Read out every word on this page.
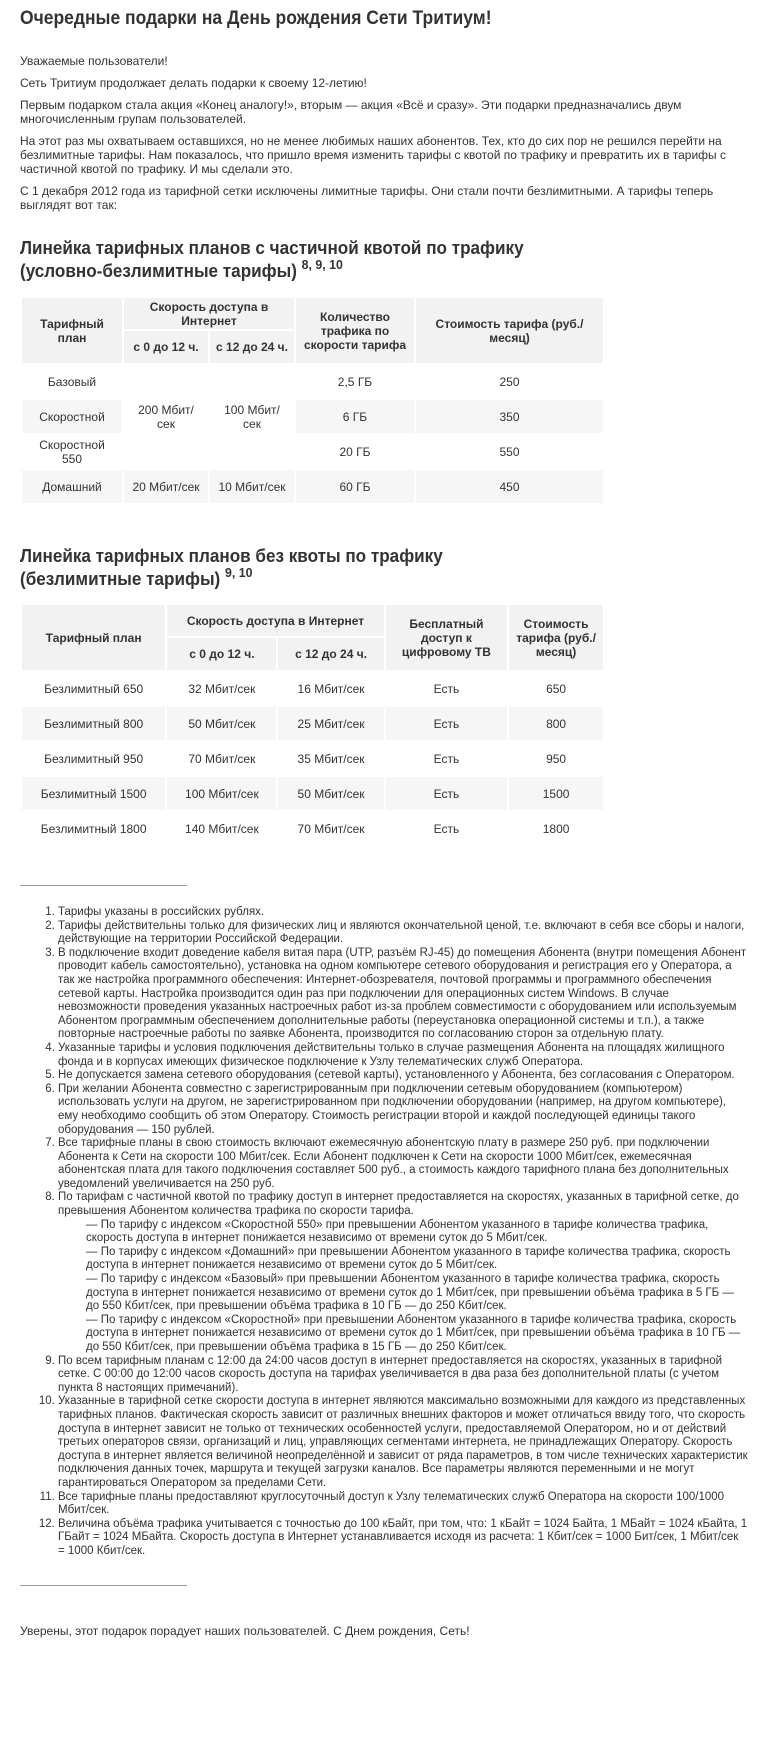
Очередные подарки на День рождения Сети Тритиум!

Уважаемые пользователи!

Сеть Тритиум продолжает делать подарки к своему 12-летию!

Первым подарком стала акция «Конец аналогу!», вторым — акция «Всё и сразу». Эти подарки предназначались двум многочисленным групам пользователей.

На этот раз мы охватываем оставшихся, но не менее любимых наших абонентов. Тех, кто до сих пор не решился перейти на безлимитные тарифы. Нам показалось, что пришло время изменить тарифы с квотой по трафику и превратить их в тарифы с частичной квотой по трафику. И мы сделали это.

С 1 декабря 2012 года из тарифной сетки исключены лимитные тарифы. Они стали почти безлимитными. А тарифы теперь выглядят вот так:

Линейка тарифных планов с частичной квотой по трафику
(условно-безлимитные тарифы) $^{8, 9, 10}$
Тарифный план	Скорость доступа в Интернет		Количество трафика по скорости тарифа	Стоимость тарифа (руб./месяц)
	с 0 до 12 ч.	с 12 до 24 ч.		
Базовый	200 Мбит/сек	100 Мбит/сек	2,5 ГБ	250
Скоростной			6 ГБ	350
Скоростной 550			20 ГБ	550
Домашний	20 Мбит/сек	10 Мбит/сек	60 ГБ	450
Линейка тарифных планов без квоты по трафику
(безлимитные тарифы) $^{9, 10}$
Тарифный план	Скорость доступа в Интернет		Бесплатный доступ к цифровому ТВ	Стоимость тарифа (руб./месяц)
	с 0 до 12 ч.	с 12 до 24 ч.		
Безлимитный 650	32 Мбит/сек	16 Мбит/сек	Есть	650
Безлимитный 800	50 Мбит/сек	25 Мбит/сек	Есть	800
Безлимитный 950	70 Мбит/сек	35 Мбит/сек	Есть	950
Безлимитный 1500	100 Мбит/сек	50 Мбит/сек	Есть	1500
Безлимитный 1800	140 Мбит/сек	70 Мбит/сек	Есть	1800
1. Тарифы указаны в российских рублях.
2. Тарифы действительны только для физических лиц и являются окончательной ценой, т.е. включают в себя все сборы и налоги, действующие на территории Российской Федерации.
3. В подключение входит доведение кабеля витая пара (UTP, разъём RJ-45) до помещения Абонента (внутри помещения Абонент проводит кабель самостоятельно), установка на одном компьютере сетевого оборудования и регистрация его у Оператора, а так же настройка программного обеспечения: Интернет-обозревателя, почтовой программы и программного обеспечения сетевой карты. Настройка производится один раз при подключении для операционных систем Windows. В случае невозможности проведения указанных настроечных работ из-за проблем совместимости с оборудованием или используемым Абонентом программным обеспечением дополнительные работы (переустановка операционной системы и т.п.), а также повторные настроечные работы по заявке Абонента, производится по согласованию сторон за отдельную плату.
4. Указанные тарифы и условия подключения действительны только в случае размещения Абонента на площадях жилищного фонда и в корпусах имеющих физическое подключение к Узлу телематических служб Оператора.
5. Не допускается замена сетевого оборудования (сетевой карты), установленного у Абонента, без согласования с Оператором.
6. При желании Абонента совместно с зарегистрированным при подключении сетевым оборудованием (компьютером) использовать услуги на другом, не зарегистрированном при подключении оборудовании (например, на другом компьютере), ему необходимо сообщить об этом Оператору. Стоимость регистрации второй и каждой последующей единицы такого оборудования — 150 рублей.
7. Все тарифные планы в свою стоимость включают ежемесячную абонентскую плату в размере 250 руб. при подключении Абонента к Сети на скорости 100 Мбит/сек. Если Абонент подключен к Сети на скорости 1000 Мбит/сек, ежемесячная абонентская плата для такого подключения составляет 500 руб., а стоимость каждого тарифного плана без дополнительных уведомлений увеличивается на 250 руб.
8. По тарифам с частичной квотой по трафику доступ в интернет предоставляется на скоростях, указанных в тарифной сетке, до превышения Абонентом количества трафика по скорости тарифа.
— По тарифу с индексом «Скоростной 550» при превышении Абонентом указанного в тарифе количества трафика, скорость доступа в интернет понижается независимо от времени суток до 5 Мбит/сек.
— По тарифу с индексом «Домашний» при превышении Абонентом указанного в тарифе количества трафика, скорость доступа в интернет понижается независимо от времени суток до 5 Мбит/сек.
— По тарифу с индексом «Базовый» при превышении Абонентом указанного в тарифе количества трафика, скорость доступа в интернет понижается независимо от времени суток до 1 Мбит/сек, при превышении объёма трафика в 5 ГБ — до 550 Кбит/сек, при превышении объёма трафика в 10 ГБ — до 250 Кбит/сек.
— По тарифу с индексом «Скоростной» при превышении Абонентом указанного в тарифе количества трафика, скорость доступа в интернет понижается независимо от времени суток до 1 Мбит/сек, при превышении объёма трафика в 10 ГБ — до 550 Кбит/сек, при превышении объёма трафика в 15 ГБ — до 250 Кбит/сек.
9. По всем тарифным планам с 12:00 да 24:00 часов доступ в интернет предоставляется на скоростях, указанных в тарифной сетке. С 00:00 до 12:00 часов скорость доступа на тарифах увеличивается в два раза без дополнительной платы (с учетом пункта 8 настоящих примечаний).
10. Указанные в тарифной сетке скорости доступа в интернет являются максимально возможными для каждого из представленных тарифных планов. Фактическая скорость зависит от различных внешних факторов и может отличаться ввиду того, что скорость доступа в интернет зависит не только от технических особенностей услуги, предоставляемой Оператором, но и от действий третьих операторов связи, организаций и лиц, управляющих сегментами интернета, не принадлежащих Оператору. Скорость доступа в интернет является величиной неопределённой и зависит от ряда параметров, в том числе технических характеристик подключения данных точек, маршрута и текущей загрузки каналов. Все параметры являются переменными и не могут гарантироваться Оператором за пределами Сети.
11. Все тарифные планы предоставляют круглосуточный доступ к Узлу телематических служб Оператора на скорости 100/1000 Мбит/сек.
12. Величина объёма трафика учитывается с точностью до 100 кБайт, при том, что: 1 кБайт = 1024 Байта, 1 МБайт = 1024 кБайта, 1 ГБайт = 1024 МБайта. Скорость доступа в Интернет устанавливается исходя из расчета: 1 Кбит/сек = 1000 Бит/сек, 1 Мбит/сек = 1000 Кбит/сек.

Уверены, этот подарок порадует наших пользователей. С Днем рождения, Сеть!
